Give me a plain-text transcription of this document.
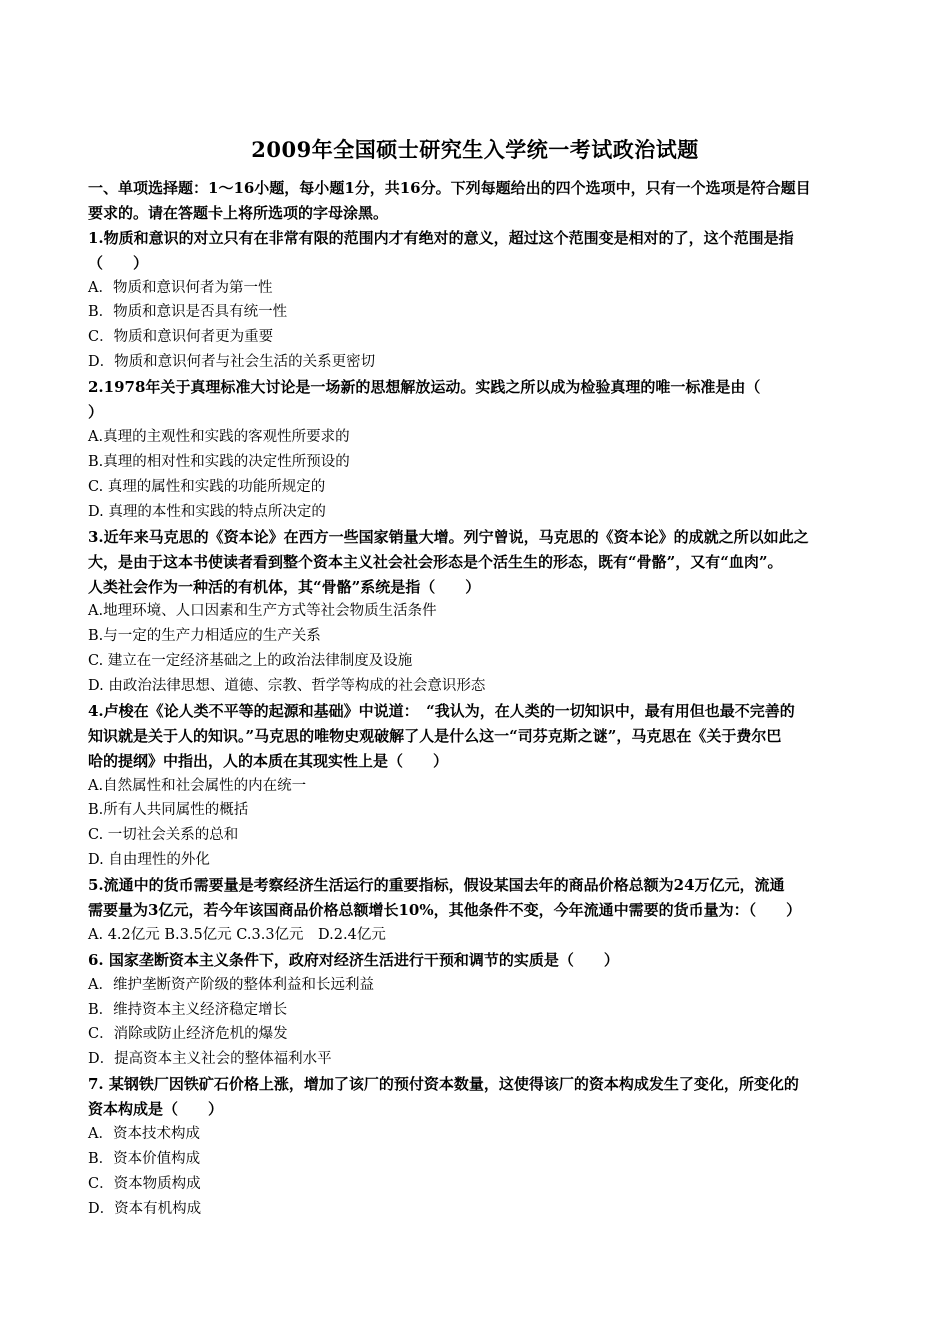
2009年全国硕士研究生入学统一考试政治试题
一、单项选择题：1～16小题，每小题1分，共16分。下列每题给出的四个选项中，只有一个选项是符合题目
要求的。请在答题卡上将所选项的字母涂黑。
1.物质和意识的对立只有在非常有限的范围内才有绝对的意义，超过这个范围变是相对的了，这个范围是指
（　　）
A．物质和意识何者为第一性
B．物质和意识是否具有统一性
C．物质和意识何者更为重要
D．物质和意识何者与社会生活的关系更密切
2.1978年关于真理标准大讨论是一场新的思想解放运动。实践之所以成为检验真理的唯一标准是由（
）
A.真理的主观性和实践的客观性所要求的
B.真理的相对性和实践的决定性所预设的
C. 真理的属性和实践的功能所规定的
D. 真理的本性和实践的特点所决定的
3.近年来马克思的《资本论》在西方一些国家销量大增。列宁曾说，马克思的《资本论》的成就之所以如此之
大，是由于这本书使读者看到整个资本主义社会社会形态是个活生生的形态，既有“骨骼”，又有“血肉”。
人类社会作为一种活的有机体，其“骨骼”系统是指（　　）
A.地理环境、人口因素和生产方式等社会物质生活条件
B.与一定的生产力相适应的生产关系
C. 建立在一定经济基础之上的政治法律制度及设施
D. 由政治法律思想、道德、宗教、哲学等构成的社会意识形态
4.卢梭在《论人类不平等的起源和基础》中说道：　“我认为，在人类的一切知识中，最有用但也最不完善的
知识就是关于人的知识。”马克思的唯物史观破解了人是什么这一“司芬克斯之谜”，马克思在《关于费尔巴
哈的提纲》中指出，人的本质在其现实性上是（　　）
A.自然属性和社会属性的内在统一
B.所有人共同属性的概括
C. 一切社会关系的总和
D. 自由理性的外化
5.流通中的货币需要量是考察经济生活运行的重要指标，假设某国去年的商品价格总额为24万亿元，流通
需要量为3亿元，若今年该国商品价格总额增长10%，其他条件不变，今年流通中需要的货币量为：（　　）
A. 4.2亿元 B.3.5亿元 C.3.3亿元　D.2.4亿元
6. 国家垄断资本主义条件下，政府对经济生活进行干预和调节的实质是（　　）
A．维护垄断资产阶级的整体利益和长远利益
B．维持资本主义经济稳定增长
C．消除或防止经济危机的爆发
D．提高资本主义社会的整体福利水平
7. 某钢铁厂因铁矿石价格上涨，增加了该厂的预付资本数量，这使得该厂的资本构成发生了变化，所变化的
资本构成是（　　）
A．资本技术构成
B．资本价值构成
C．资本物质构成
D．资本有机构成
